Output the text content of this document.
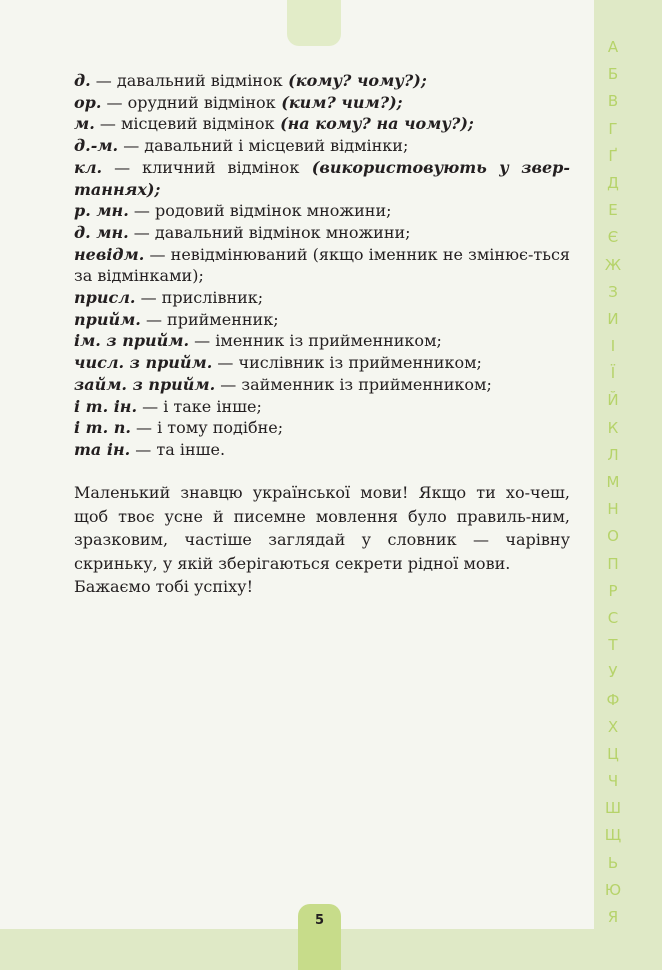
А
Б
В
Г
Ґ
Д
Е
Є
Ж
З
И
І
Ї
Й
К
Л
М
Н
О
П
Р
С
Т
У
Ф
Х
Ц
Ч
Ш
Щ
Ь
Ю
Я
д. — давальний відмінок (кому? чому?);
ор. — орудний відмінок (ким? чим?);
м. — місцевий відмінок (на кому? на чому?);
д.-м. — давальний і місцевий відмінки;
кл. — кличний відмінок (використовують у звер-танняx);
р. мн. — родовий відмінок множини;
д. мн. — давальний відмінок множини;
невідм. — невідмінюваний (якщо іменник не змінює-ться за відмінками);
присл. — прислівник;
прийм. — прийменник;
ім. з прийм. — іменник із прийменником;
числ. з прийм. — числівник із прийменником;
займ. з прийм. — займенник із прийменником;
і т. ін. — і таке інше;
і т. п. — і тому подібне;
та ін. — та інше.

Маленький знавцю української мови! Якщо ти хо-чеш, щоб твоє усне й писемне мовлення було правиль-ним, зразковим, частіше заглядай у словник — чарівну скриньку, у якій зберігаються секрети рідної мови.

Бажаємо тобі успіху!

5
